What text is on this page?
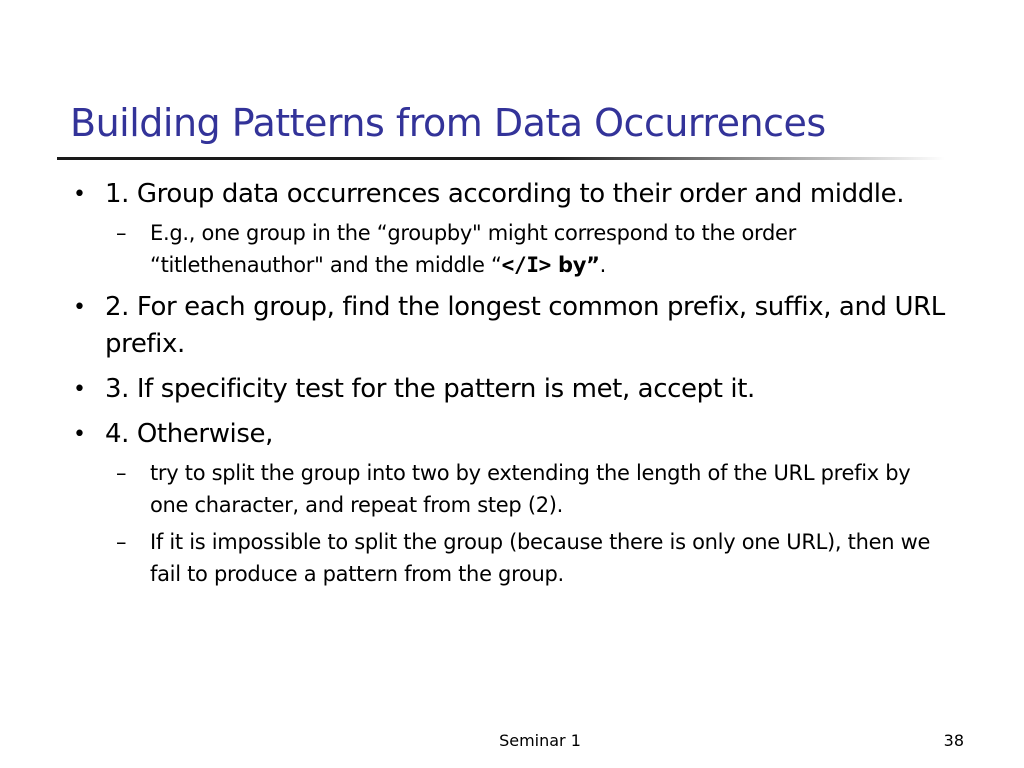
Building Patterns from Data Occurrences
• 1. Group data occurrences according to their order and middle.
– E.g., one group in the “groupby" might correspond to the order “titlethenauthor" and the middle “</I> by”.
• 2. For each group, find the longest common prefix, suffix, and URL prefix.
• 3. If specificity test for the pattern is met, accept it.
• 4. Otherwise,
– try to split the group into two by extending the length of the URL prefix by one character, and repeat from step (2).
– If it is impossible to split the group (because there is only one URL), then we fail to produce a pattern from the group.
Seminar 1	38
